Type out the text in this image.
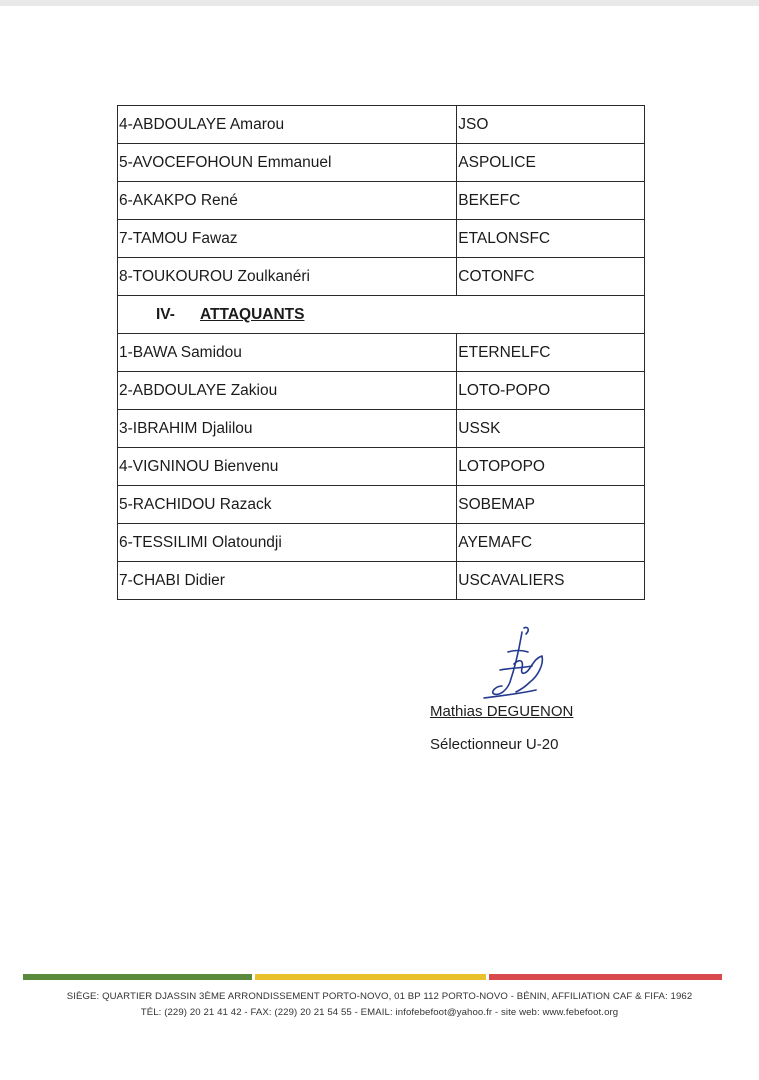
4-ABDOULAYE Amarou	JSO
5-AVOCEFOHOUN Emmanuel	ASPOLICE
6-AKAKPO René	BEKEFC
7-TAMOU Fawaz	ETALONSFC
8-TOUKOUROU Zoulkanéri	COTONFC
IV- ATTAQUANTS	
1-BAWA Samidou	ETERNELFC
2-ABDOULAYE Zakiou	LOTO-POPO
3-IBRAHIM Djalilou	USSK
4-VIGNINOU Bienvenu	LOTOPOPO
5-RACHIDOU Razack	SOBEMAP
6-TESSILIMI Olatoundji	AYEMAFC
7-CHABI Didier	USCAVALIERS
Mathias DEGUENON
Sélectionneur U-20
SIÈGE: QUARTIER DJASSIN 3ÈME ARRONDISSEMENT PORTO-NOVO, 01 BP 112 PORTO-NOVO - BÉNIN, AFFILIATION CAF & FIFA: 1962
TÉL: (229) 20 21 41 42 - FAX: (229) 20 21 54 55 - EMAIL: infofebefoot@yahoo.fr - site web: www.febefoot.org
